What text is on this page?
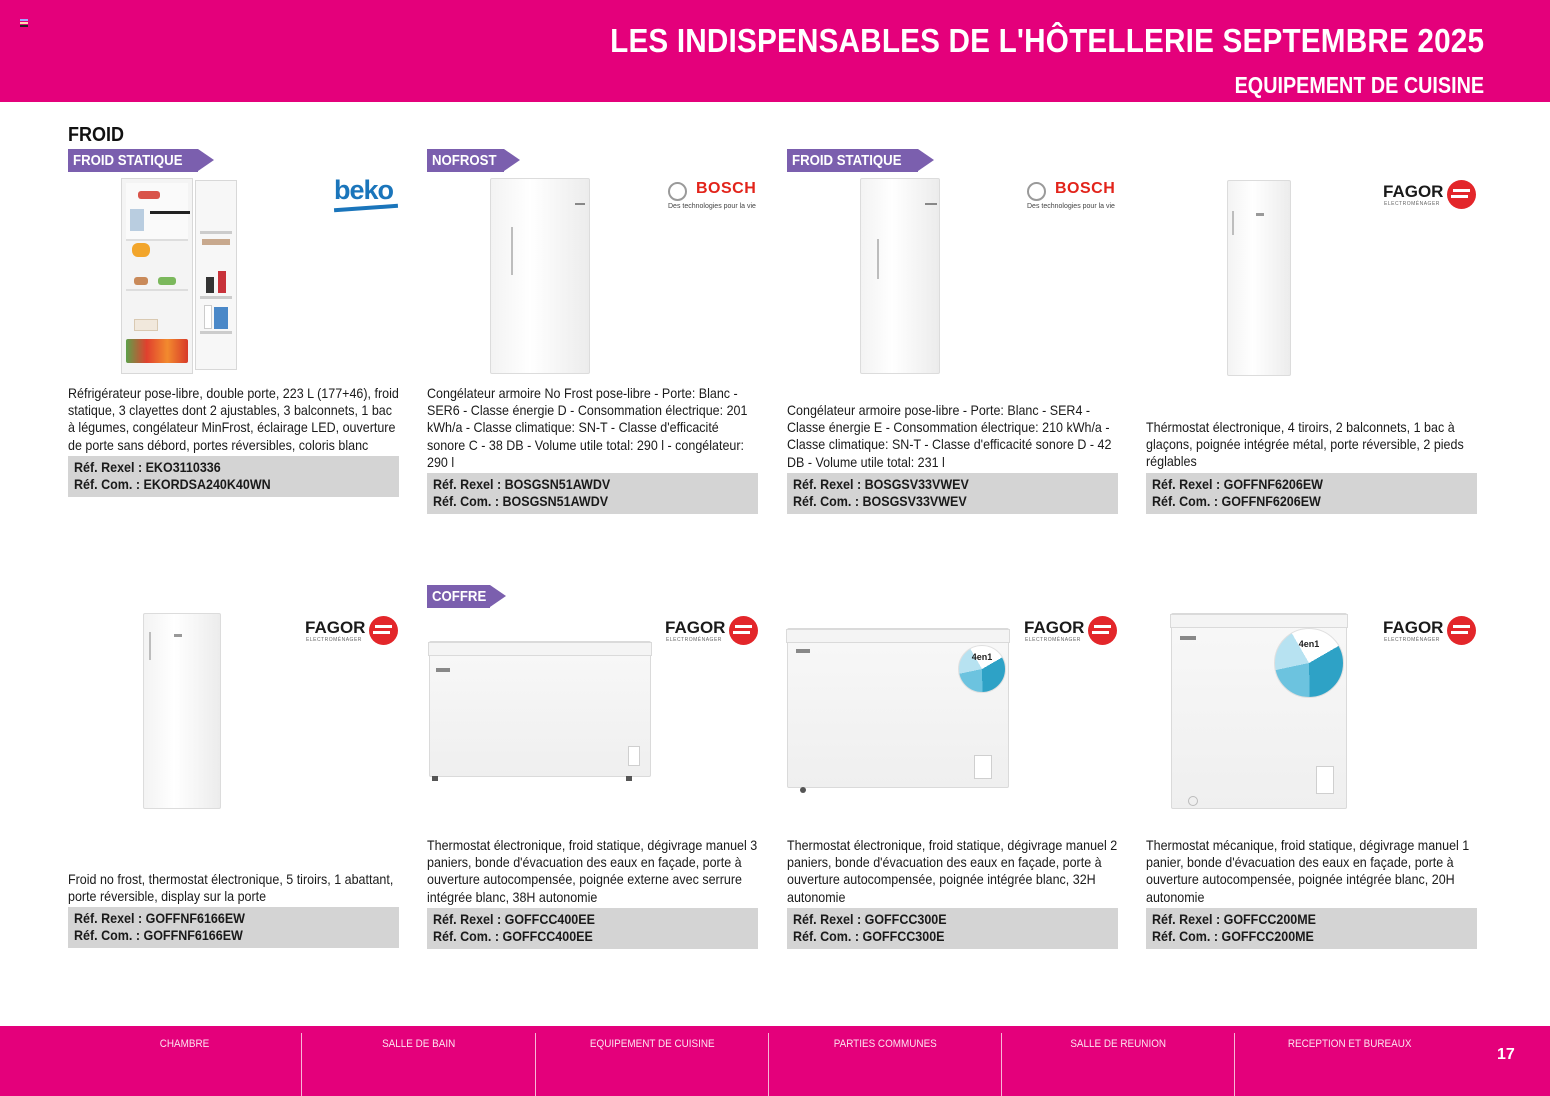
LES INDISPENSABLES DE L'HÔTELLERIE SEPTEMBRE 2025
EQUIPEMENT DE CUISINE
FROID
FROID STATIQUE	NOFROST	FROID STATIQUE
COFFRE
beko	BOSCH
Des technologies pour la vie
BOSCH
Des technologies pour la vie
FAGOR
ELECTROMÉNAGER
Réfrigérateur pose-libre, double porte, 223 L (177+46), froid statique, 3 clayettes dont 2 ajustables, 3 balconnets, 1 bac à légumes, congélateur MinFrost, éclairage LED, ouverture de porte sans débord, portes réversibles, coloris blanc
Réf. Rexel : EKO3110336
Réf. Com. : EKORDSA240K40WN
Congélateur armoire No Frost pose-libre - Porte: Blanc - SER6 - Classe énergie D - Consommation électrique: 201 kWh/a - Classe climatique: SN-T - Classe d'efficacité sonore C - 38 DB - Volume utile total: 290 l - congélateur: 290 l
Réf. Rexel : BOSGSN51AWDV
Réf. Com. : BOSGSN51AWDV
Congélateur armoire pose-libre - Porte: Blanc - SER4 - Classe énergie E - Consommation électrique: 210 kWh/a - Classe climatique: SN-T - Classe d'efficacité sonore D - 42 DB - Volume utile total: 231 l
Réf. Rexel : BOSGSV33VWEV
Réf. Com. : BOSGSV33VWEV
Thérmostat électronique, 4 tiroirs, 2 balconnets, 1 bac à glaçons, poignée intégrée métal, porte réversible, 2 pieds réglables
Réf. Rexel : GOFFNF6206EW
Réf. Com. : GOFFNF6206EW
FAGOR
ELECTROMÉNAGER
FAGOR
ELECTROMÉNAGER
4en1
FAGOR
ELECTROMÉNAGER	4en1
FAGOR
ELECTROMÉNAGER
Froid no frost, thermostat électronique, 5 tiroirs, 1 abattant, porte réversible, display sur la porte
Réf. Rexel : GOFFNF6166EW
Réf. Com. : GOFFNF6166EW
Thermostat électronique, froid statique, dégivrage manuel 3 paniers, bonde d'évacuation des eaux en façade, porte à ouverture autocompensée, poignée externe avec serrure intégrée blanc, 38H autonomie
Réf. Rexel : GOFFCC400EE
Réf. Com. : GOFFCC400EE
Thermostat électronique, froid statique, dégivrage manuel 2 paniers, bonde d'évacuation des eaux en façade, porte à ouverture autocompensée, poignée intégrée blanc, 32H autonomie
Réf. Rexel : GOFFCC300E
Réf. Com. : GOFFCC300E
Thermostat mécanique, froid statique, dégivrage manuel 1 panier, bonde d'évacuation des eaux en façade, porte à ouverture autocompensée, poignée intégrée blanc, 20H autonomie
Réf. Rexel : GOFFCC200ME
Réf. Com. : GOFFCC200ME
CHAMBRE	SALLE DE BAIN	EQUIPEMENT DE CUISINE	PARTIES COMMUNES	SALLE DE REUNION	RECEPTION ET BUREAUX
17
